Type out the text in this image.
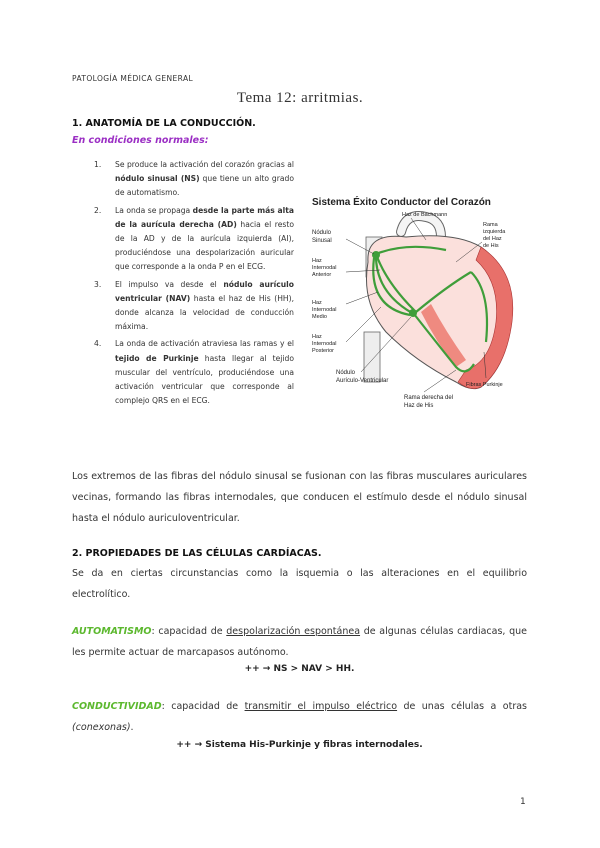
PATOLOGÍA MÉDICA GENERAL
Tema 12: arritmias.
1. ANATOMÍA DE LA CONDUCCIÓN.
En condiciones normales:
1. Se produce la activación del corazón gracias al nódulo sinusal (NS) que tiene un alto grado de automatismo.
2. La onda se propaga desde la parte más alta de la aurícula derecha (AD) hacia el resto de la AD y de la aurícula izquierda (AI), produciéndose una despolarización auricular que corresponde a la onda P en el ECG.
3. El impulso va desde el nódulo aurículo ventricular (NAV) hasta el haz de His (HH), donde alcanza la velocidad de conducción máxima.
4. La onda de activación atraviesa las ramas y el tejido de Purkinje hasta llegar al tejido muscular del ventrículo, produciéndose una activación ventricular que corresponde al complejo QRS en el ECG.
Sistema Éxito Conductor del Corazón
Haz de Bachmann
Nódulo
Sinusal
Haz
Internodal
Anterior
Haz
Internodal
Medio
Haz
Internodal
Posterior
Nódulo
Aurículo-Ventricular
Rama
izquierda
del Haz
de His
Fibras Purkinje
Rama derecha del
Haz de His
Los extremos de las fibras del nódulo sinusal se fusionan con las fibras musculares auriculares vecinas, formando las fibras internodales, que conducen el estímulo desde el nódulo sinusal hasta el nódulo auriculoventricular.
2. PROPIEDADES DE LAS CÉLULAS CARDÍACAS.
Se da en ciertas circunstancias como la isquemia o las alteraciones en el equilibrio electrolítico.
AUTOMATISMO: capacidad de despolarización espontánea de algunas células cardiacas, que les permite actuar de marcapasos autónomo.
++ → NS > NAV > HH.
CONDUCTIVIDAD: capacidad de transmitir el impulso eléctrico de unas células a otras (conexonas).
++ → Sistema His-Purkinje y fibras internodales.
1
